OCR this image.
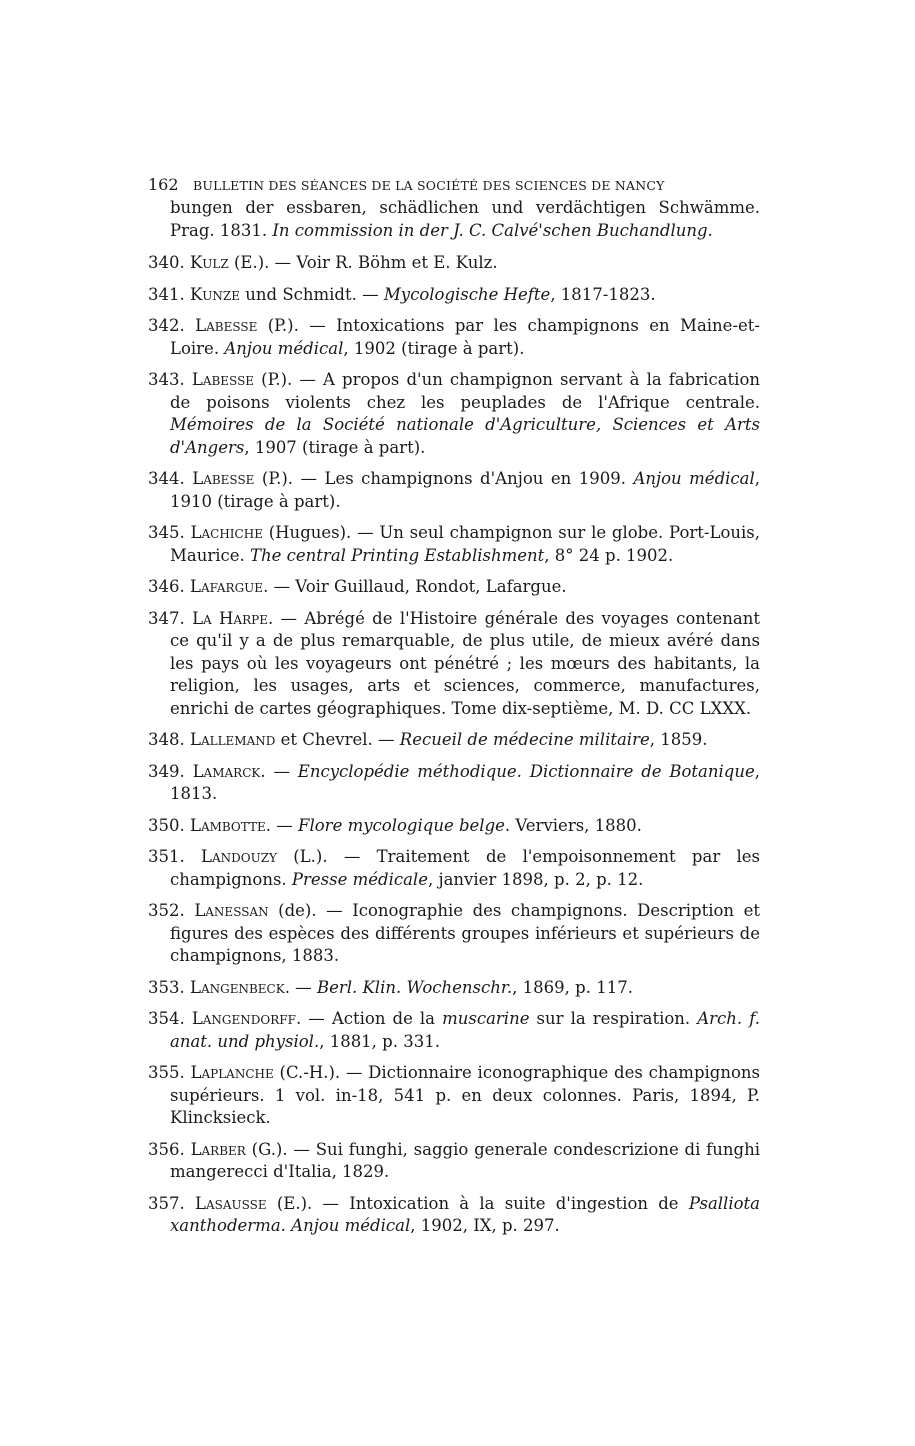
162 BULLETIN DES SÉANCES DE LA SOCIÉTÉ DES SCIENCES DE NANCY

bungen der essbaren, schädlichen und verdächtigen Schwämme. Prag. 1831. In commission in der J. C. Calvé'schen Buchandlung.

340. Kulz (E.). — Voir R. Böhm et E. Kulz.

341. Kunze und Schmidt. — Mycologische Hefte, 1817-1823.

342. Labesse (P.). — Intoxications par les champignons en Maine-et-Loire. Anjou médical, 1902 (tirage à part).

343. Labesse (P.). — A propos d'un champignon servant à la fabrication de poisons violents chez les peuplades de l'Afrique centrale. Mémoires de la Société nationale d'Agriculture, Sciences et Arts d'Angers, 1907 (tirage à part).

344. Labesse (P.). — Les champignons d'Anjou en 1909. Anjou médical, 1910 (tirage à part).

345. Lachiche (Hugues). — Un seul champignon sur le globe. Port-Louis, Maurice. The central Printing Establishment, 8° 24 p. 1902.

346. Lafargue. — Voir Guillaud, Rondot, Lafargue.

347. La Harpe. — Abrégé de l'Histoire générale des voyages contenant ce qu'il y a de plus remarquable, de plus utile, de mieux avéré dans les pays où les voyageurs ont pénétré ; les mœurs des habitants, la religion, les usages, arts et sciences, commerce, manufactures, enrichi de cartes géographiques. Tome dix-septième, M. D. CC LXXX.

348. Lallemand et Chevrel. — Recueil de médecine militaire, 1859.

349. Lamarck. — Encyclopédie méthodique. Dictionnaire de Botanique, 1813.

350. Lambotte. — Flore mycologique belge. Verviers, 1880.

351. Landouzy (L.). — Traitement de l'empoisonnement par les champignons. Presse médicale, janvier 1898, p. 2, p. 12.

352. Lanessan (de). — Iconographie des champignons. Description et figures des espèces des différents groupes inférieurs et supérieurs de champignons, 1883.

353. Langenbeck. — Berl. Klin. Wochenschr., 1869, p. 117.

354. Langendorff. — Action de la muscarine sur la respiration. Arch. f. anat. und physiol., 1881, p. 331.

355. Laplanche (C.-H.). — Dictionnaire iconographique des champignons supérieurs. 1 vol. in-18, 541 p. en deux colonnes. Paris, 1894, P. Klincksieck.

356. Larber (G.). — Sui funghi, saggio generale condescrizione di funghi mangerecci d'Italia, 1829.

357. Lasausse (E.). — Intoxication à la suite d'ingestion de Psalliota xanthoderma. Anjou médical, 1902, IX, p. 297.
